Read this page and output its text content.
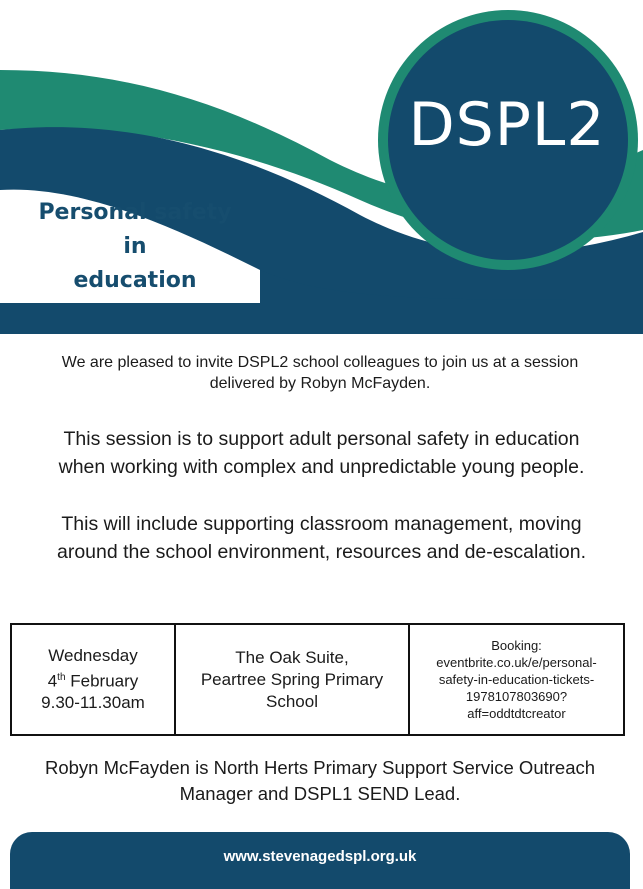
DSPL2
Personal safety
in
education

We are pleased to invite DSPL2 school colleagues to join us at a session
delivered by Robyn McFayden.

This session is to support adult personal safety in education
when working with complex and unpredictable young people.

This will include supporting classroom management, moving
around the school environment, resources and de-escalation.

Wednesday
4th February
9.30-11.30am

The Oak Suite,
Peartree Spring Primary
School

Booking:
eventbrite.co.uk/e/personal-
safety-in-education-tickets-
1978107803690?
aff=oddtdtcreator

Robyn McFayden is North Herts Primary Support Service Outreach
Manager and DSPL1 SEND Lead.

www.stevenagedspl.org.uk
